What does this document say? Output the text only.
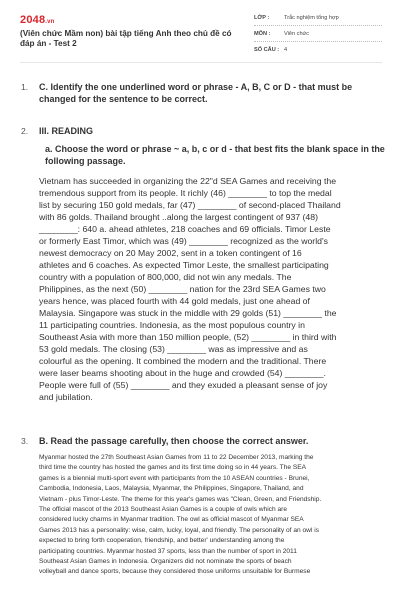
2048.vn
(Viên chức Mầm non) bài tập tiếng Anh theo chủ đề có đáp án - Test 2
LỚP :	Trắc nghiệm tổng hợp
MÔN : Viên chức
SỐ CÂU : 4
1. C. Identify the one underlined word or phrase - A, B, C or D - that must be changed for the sentence to be correct.
2. III. READING
a. Choose the word or phrase ~ a, b, c or d - that best fits the blank space in the following passage.
Vietnam has succeeded in organizing the 22"d SEA Games and receiving the
tremendous support from its people. It richly (46) ________ to top the medal
list by securing 150 gold medals, far (47) ________ of second-placed Thailand
with 86 golds. Thailand brought ..along the largest contingent of 937 (48)
________: 640 a. ahead athletes, 218 coaches and 69 officials. Timor Leste
or formerly East Timor, which was (49) ________ recognized as the world's
newest democracy on 20 May 2002, sent in a token contingent of 16
athletes and 6 coaches. As expected Timor Leste, the smallest participating
country with a population of 800,000, did not win any medals. The
Philippines, as the next (50) ________ nation for the 23rd SEA Games two
years hence, was placed fourth with 44 gold medals, just one ahead of
Malaysia. Singapore was stuck in the middle with 29 golds (51) ________ the
11 participating countries. Indonesia, as the most populous country in
Southeast Asia with more than 150 million people, (52) ________ in third with
53 gold medals. The closing (53) ________ was as impressive and as
colourful as the opening. It combined the modern and the traditional. There
were laser beams shooting about in the huge and crowded (54) ________.
People were full of (55) ________ and they exuded a pleasant sense of joy
and jubilation.
3. B. Read the passage carefully, then choose the correct answer.
Myanmar hosted the 27th Southeast Asian Games from 11 to 22 December 2013, marking the
third time the country has hosted the games and its first time doing so in 44 years. The SEA
games is a biennial multi-sport event with participants from the 10 ASEAN countries - Brunei,
Cambodia, Indonesia, Laos, Malaysia, Myanmar, the Philippines, Singapore, Thailand, and
Vietnam - plus Timor-Leste. The theme for this year's games was "Clean, Green, and Friendship.
The official mascot of the 2013 Southeast Asian Games is a couple of owls which are
considered lucky charms in Myanmar tradition. The owl as official mascot of Myanmar SEA
Games 2013 has a personality: wise, calm, lucky, loyal, and friendly. The personality of an owl is
expected to bring forth cooperation, friendship, and better' understanding among the
participating countries. Myanmar hosted 37 sports, less than the number of sport in 2011
Southeast Asian Games in Indonesia. Organizers did not nominate the sports of beach
volleyball and dance sports, because they considered those uniforms unsuitable for Burmese
